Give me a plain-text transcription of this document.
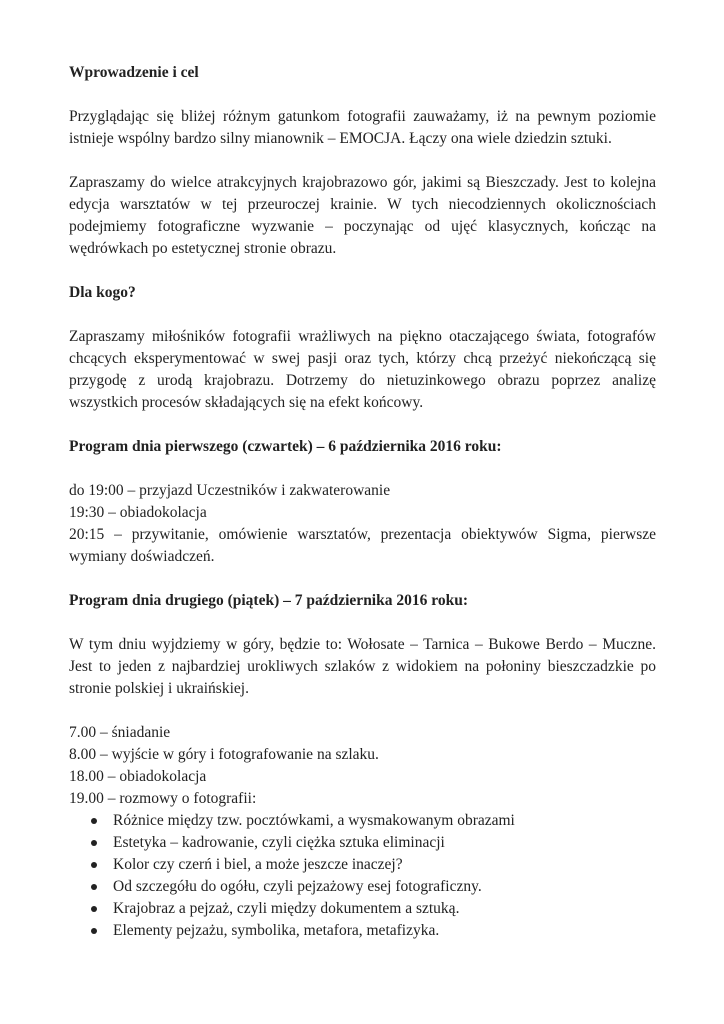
Wprowadzenie i cel

Przyglądając się bliżej różnym gatunkom fotografii zauważamy, iż na pewnym poziomie istnieje wspólny bardzo silny mianownik – EMOCJA. Łączy ona wiele dziedzin sztuki.

Zapraszamy do wielce atrakcyjnych krajobrazowo gór, jakimi są Bieszczady. Jest to kolejna edycja warsztatów w tej przeuroczej krainie. W tych niecodziennych okolicznościach podejmiemy fotograficzne wyzwanie – poczynając od ujęć klasycznych, kończąc na wędrówkach po estetycznej stronie obrazu.

Dla kogo?

Zapraszamy miłośników fotografii wrażliwych na piękno otaczającego świata, fotografów chcących eksperymentować w swej pasji oraz tych, którzy chcą przeżyć niekończącą się przygodę z urodą krajobrazu. Dotrzemy do nietuzinkowego obrazu poprzez analizę wszystkich procesów składających się na efekt końcowy.

Program dnia pierwszego (czwartek) – 6 października 2016 roku:

do 19:00 – przyjazd Uczestników i zakwaterowanie

19:30 – obiadokolacja

20:15 – przywitanie, omówienie warsztatów, prezentacja obiektywów Sigma, pierwsze wymiany doświadczeń.

Program dnia drugiego (piątek) – 7 października 2016 roku:

W tym dniu wyjdziemy w góry, będzie to: Wołosate – Tarnica – Bukowe Berdo – Muczne. Jest to jeden z najbardziej urokliwych szlaków z widokiem na połoniny bieszczadzkie po stronie polskiej i ukraińskiej.

7.00 – śniadanie

8.00 – wyjście w góry i fotografowanie na szlaku.

18.00 – obiadokolacja

19.00 – rozmowy o fotografii:

Różnice między tzw. pocztówkami, a wysmakowanym obrazami
Estetyka – kadrowanie, czyli ciężka sztuka eliminacji
Kolor czy czerń i biel, a może jeszcze inaczej?
Od szczegółu do ogółu, czyli pejzażowy esej fotograficzny.
Krajobraz a pejzaż, czyli między dokumentem a sztuką.
Elementy pejzażu, symbolika, metafora, metafizyka.
